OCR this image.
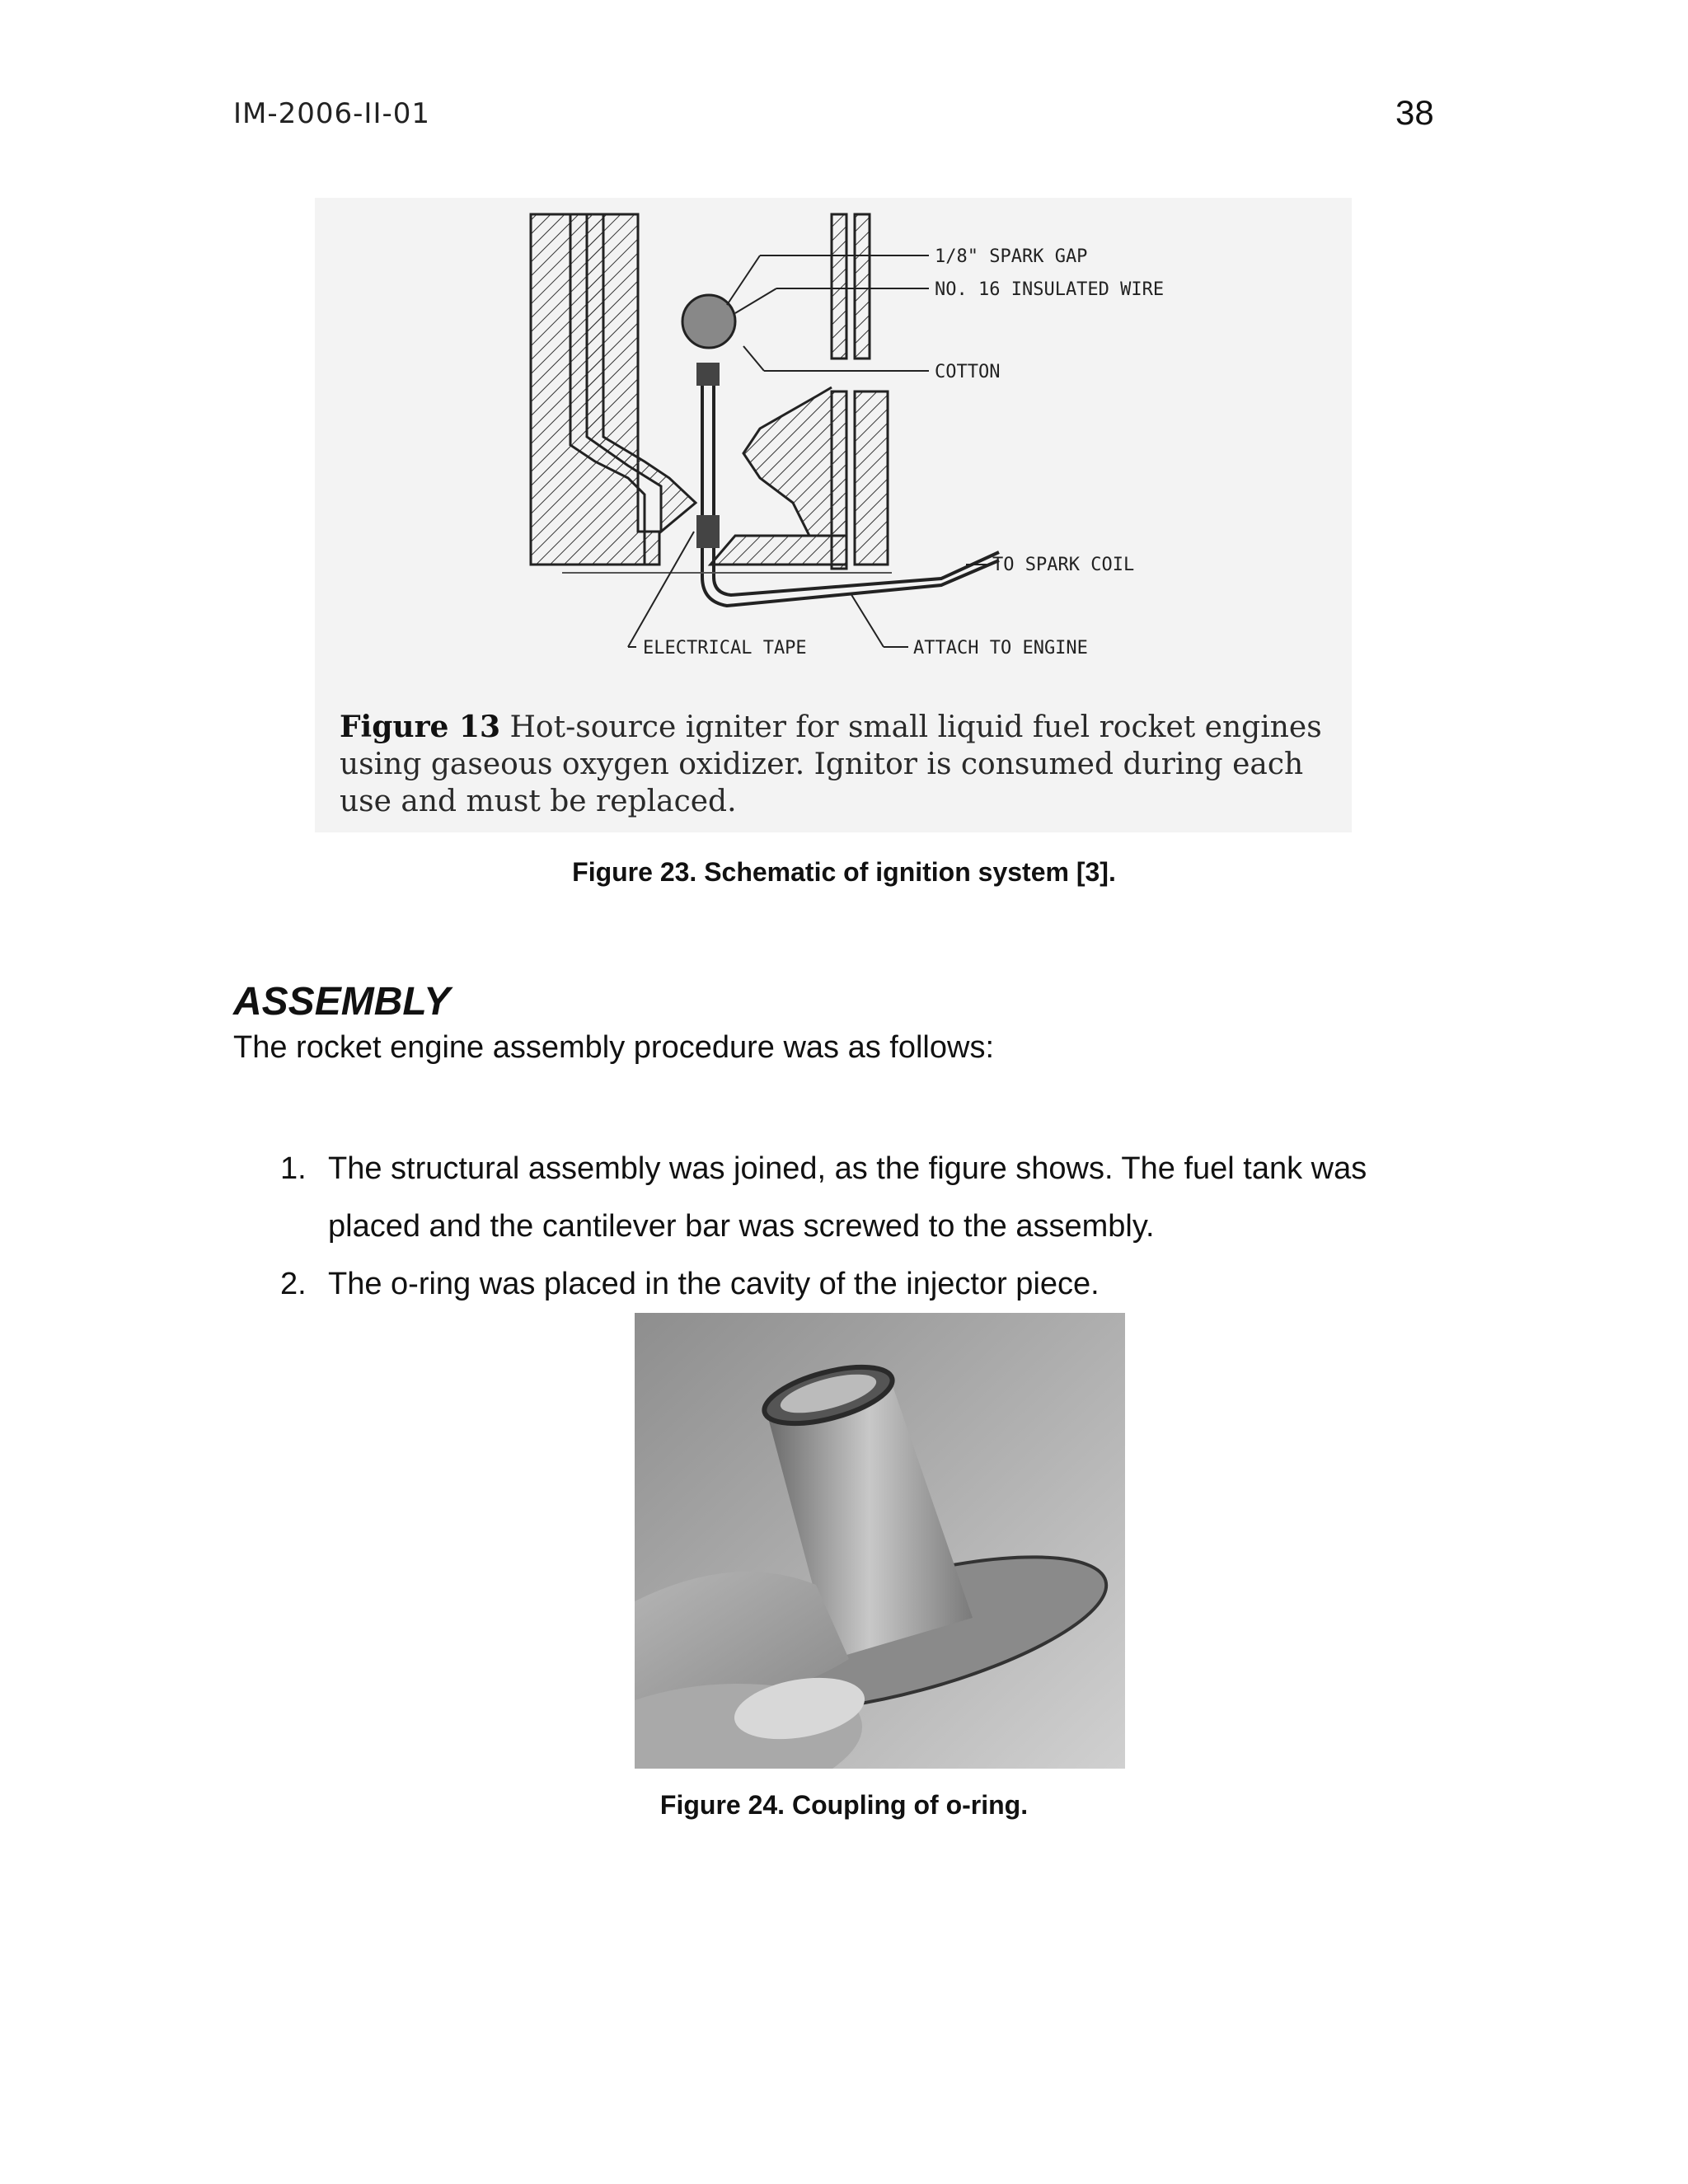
IM-2006-II-01	38
1/8" SPARK GAP
NO. 16 INSULATED WIRE
COTTON
TO SPARK COIL
ELECTRICAL TAPE	ATTACH TO ENGINE
Figure 13 Hot-source igniter for small liquid fuel rocket engines using gaseous oxygen oxidizer. Ignitor is consumed during each use and must be replaced.
Figure 23. Schematic of ignition system [3].
ASSEMBLY
The rocket engine assembly procedure was as follows:
1. The structural assembly was joined, as the figure shows. The fuel tank was placed and the cantilever bar was screwed to the assembly.
2. The o-ring was placed in the cavity of the injector piece.
Figure 24. Coupling of o-ring.
